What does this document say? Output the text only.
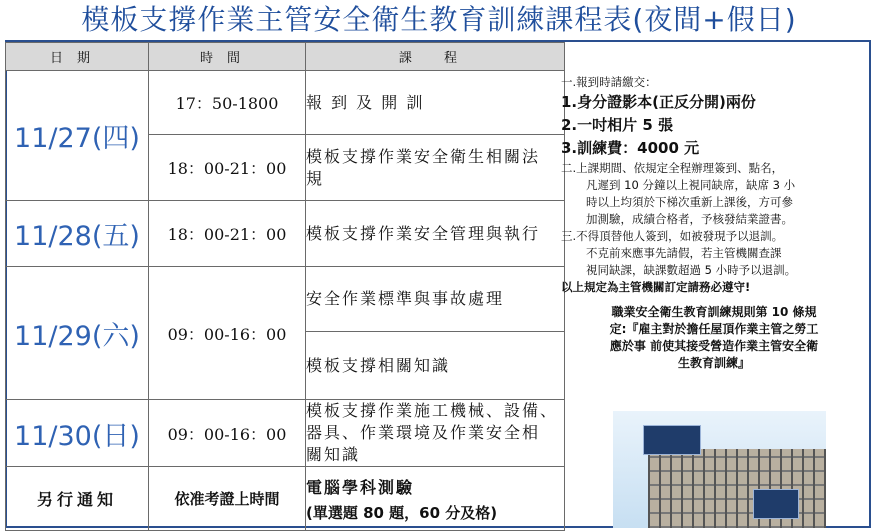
模板支撐作業主管安全衛生教育訓練課程表(夜間+假日)
日期	時間	課 程
11/27(四)	17：50-1800	報 到 及 開 訓

	18：00-21：00	模板支撐作業安全衛生相關法
規

11/28(五)	18：00-21：00	模板支撐作業安全管理與執行

11/29(六)	09：00-16：00	安全作業標準與事故處理

		模板支撐相關知識

11/30(日)	09：00-16：00	模板支撐作業施工機械、設備、
器具、作業環境及作業安全相
關知識

另行通知	依准考證上時間	電腦學科測驗
(單選題 80 題，60 分及格)
一.報到時請繳交：
1.身分證影本(正反分開)兩份
2.一吋相片 5 張
3.訓練費：4000 元
二.上課期間、依規定全程辦理簽到、點名，
凡遲到 10 分鐘以上視同缺席，缺席 3 小
時以上均須於下梯次重新上課後，方可參
加測驗，成績合格者，予核發結業證書。
三.不得頂替他人簽到，如被發現予以退訓。
不克前來應事先請假，若主管機關查課
視同缺課，缺課數超過 5 小時予以退訓。
以上規定為主管機關訂定請務必遵守!
職業安全衛生教育訓練規則第 10 條規
定:『雇主對於擔任屋頂作業主管之勞工
應於事 前使其接受營造作業主管安全衛
生教育訓練』
